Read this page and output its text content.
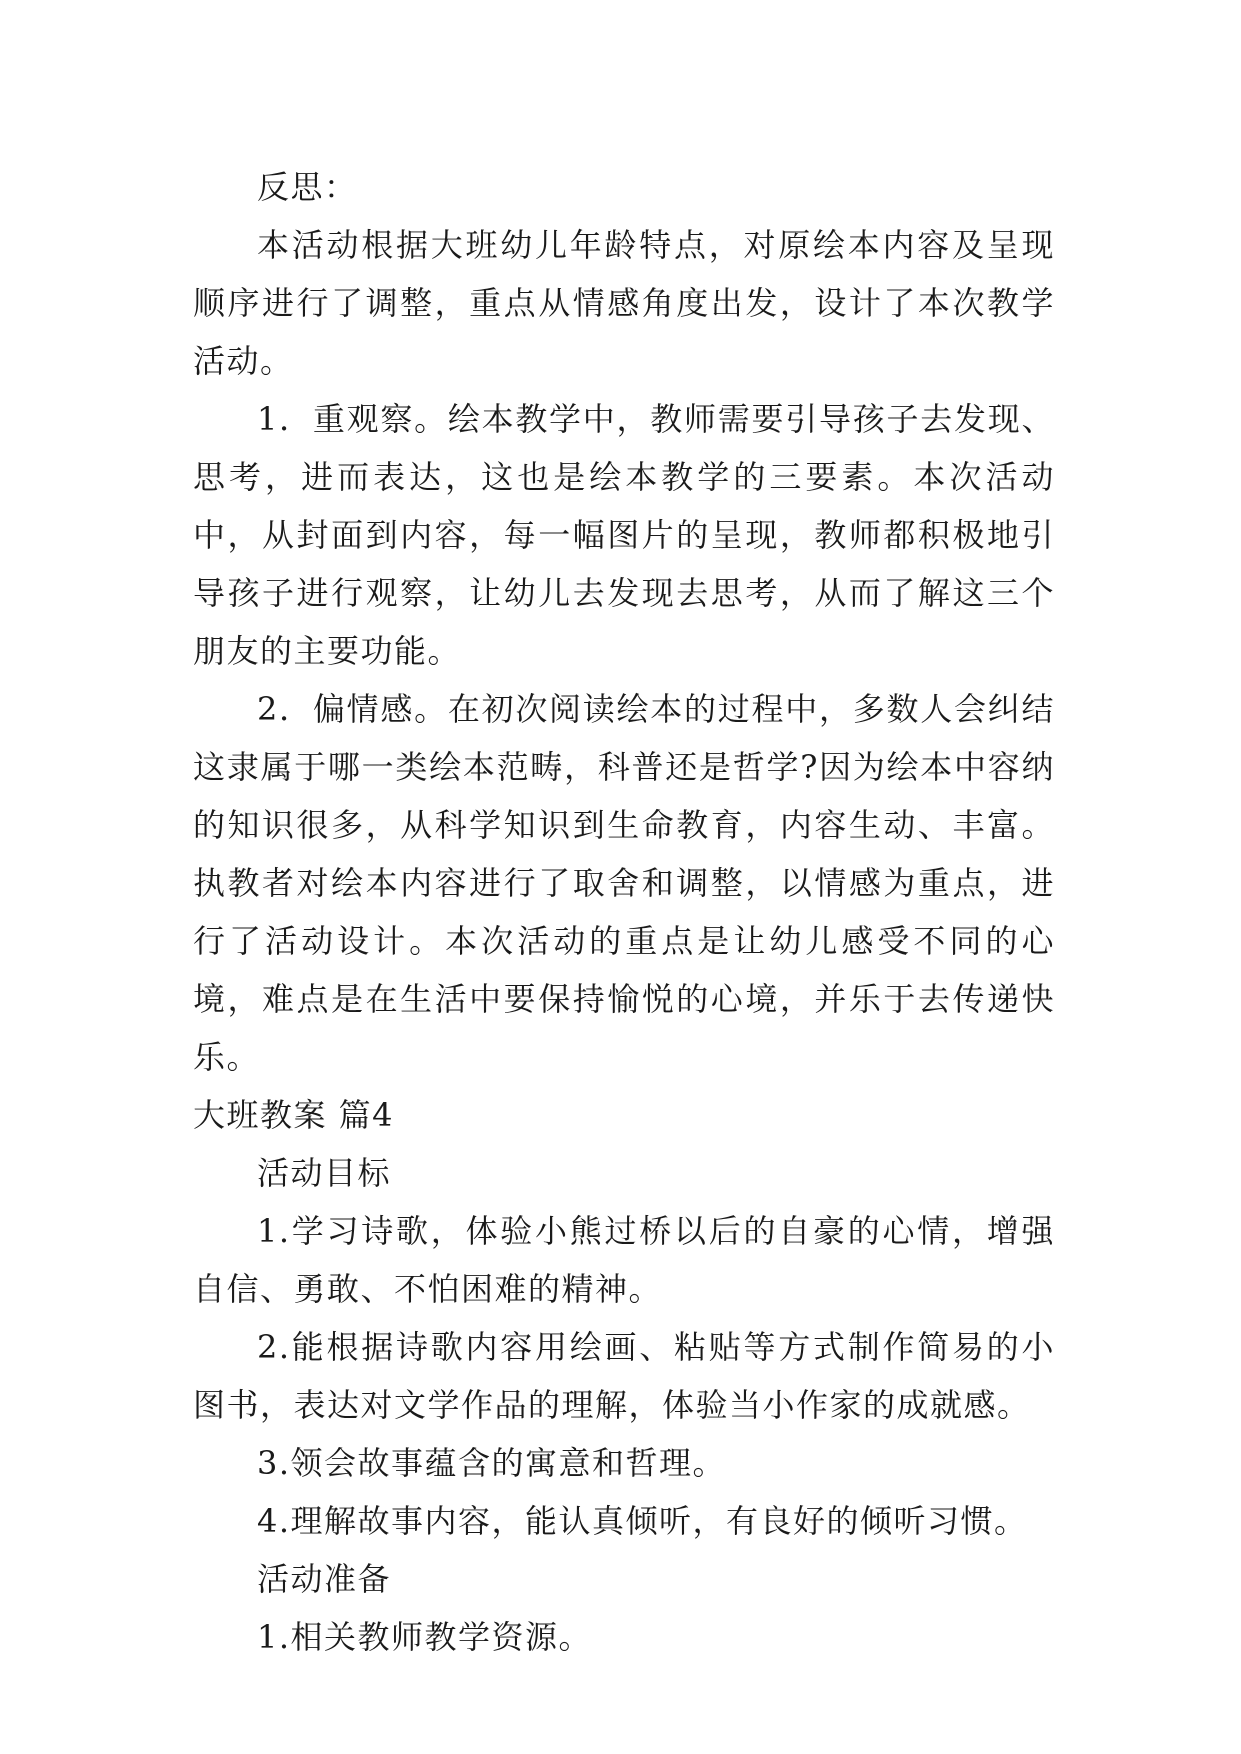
反思：

本活动根据大班幼儿年龄特点，对原绘本内容及呈现顺序进行了调整，重点从情感角度出发，设计了本次教学活动。

1．重观察。绘本教学中，教师需要引导孩子去发现、思考，进而表达，这也是绘本教学的三要素。本次活动中，从封面到内容，每一幅图片的呈现，教师都积极地引导孩子进行观察，让幼儿去发现去思考，从而了解这三个朋友的主要功能。

2．偏情感。在初次阅读绘本的过程中，多数人会纠结这隶属于哪一类绘本范畴，科普还是哲学?因为绘本中容纳的知识很多，从科学知识到生命教育，内容生动、丰富。执教者对绘本内容进行了取舍和调整，以情感为重点，进行了活动设计。本次活动的重点是让幼儿感受不同的心境，难点是在生活中要保持愉悦的心境，并乐于去传递快乐。

大班教案 篇4

活动目标

1.学习诗歌，体验小熊过桥以后的自豪的心情，增强自信、勇敢、不怕困难的精神。

2.能根据诗歌内容用绘画、粘贴等方式制作简易的小图书，表达对文学作品的理解，体验当小作家的成就感。

3.领会故事蕴含的寓意和哲理。

4.理解故事内容，能认真倾听，有良好的倾听习惯。

活动准备

1.相关教师教学资源。
